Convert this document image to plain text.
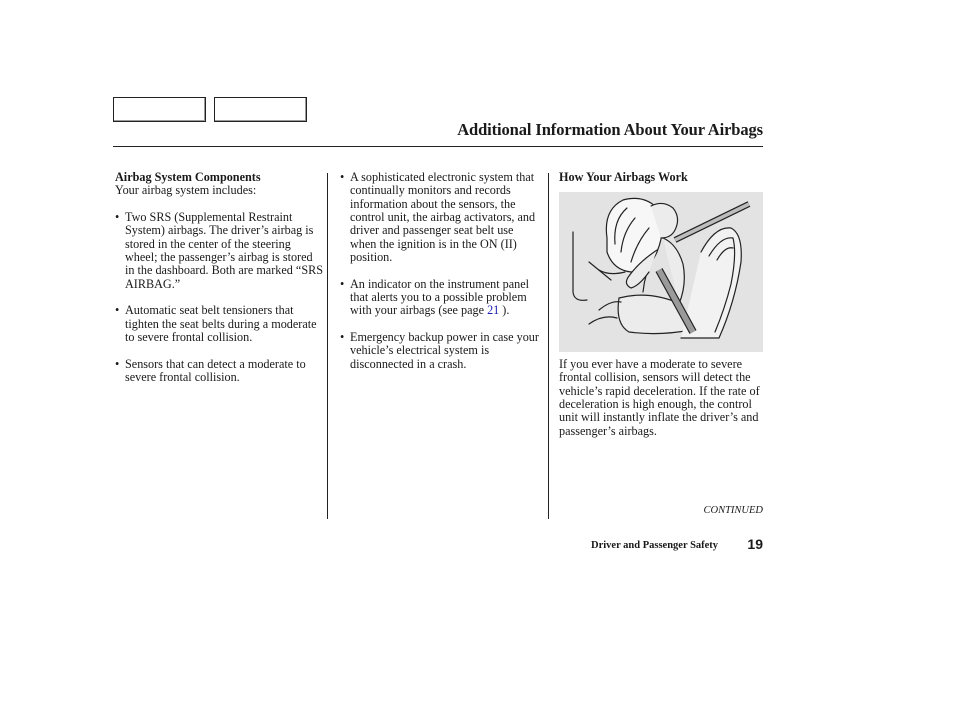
Additional Information About Your Airbags
Airbag System Components
Your airbag system includes:
• Two SRS (Supplemental Restraint System) airbags. The driver’s airbag is stored in the center of the steering wheel; the passenger’s airbag is stored in the dashboard. Both are marked “SRS AIRBAG.”
• Automatic seat belt tensioners that tighten the seat belts during a moderate to severe frontal collision.
• Sensors that can detect a moderate to severe frontal collision.
• A sophisticated electronic system that continually monitors and records information about the sensors, the control unit, the airbag activators, and driver and passenger seat belt use when the ignition is in the ON (II) position.
• An indicator on the instrument panel that alerts you to a possible problem with your airbags (see page 21 ).
• Emergency backup power in case your vehicle’s electrical system is disconnected in a crash.
How Your Airbags Work
If you ever have a moderate to severe frontal collision, sensors will detect the vehicle’s rapid deceleration. If the rate of deceleration is high enough, the control unit will instantly inflate the driver’s and passenger’s airbags.
CONTINUED
Driver and Passenger Safety 19
